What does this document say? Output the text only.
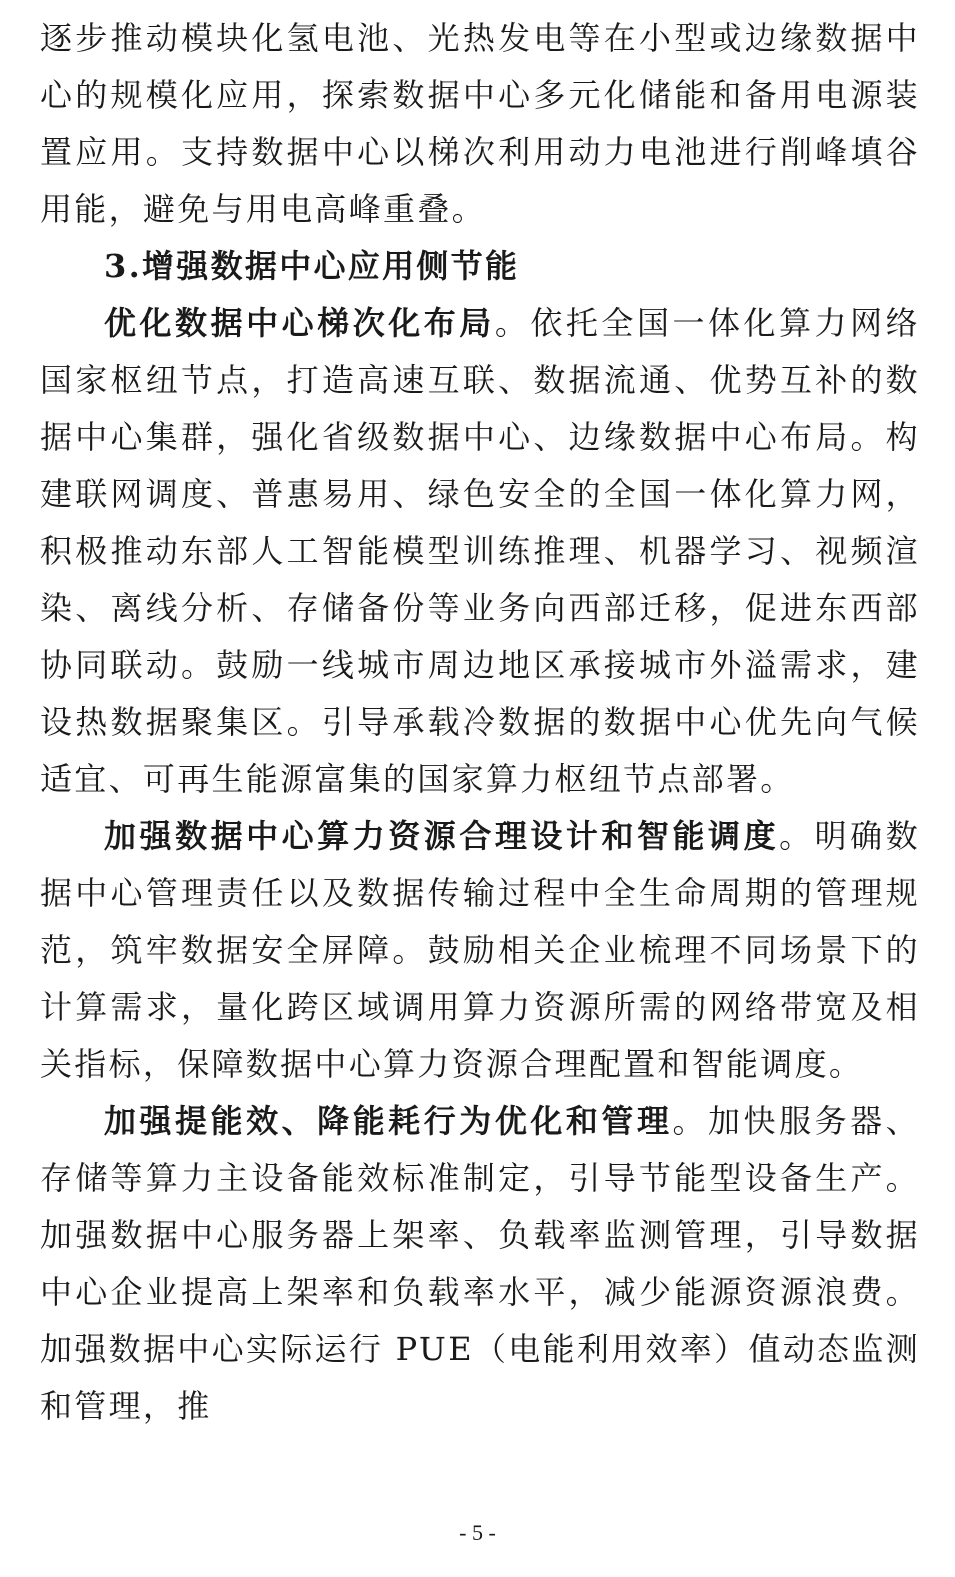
逐步推动模块化氢电池、光热发电等在小型或边缘数据中心的规模化应用，探索数据中心多元化储能和备用电源装置应用。支持数据中心以梯次利用动力电池进行削峰填谷用能，避免与用电高峰重叠。

3.增强数据中心应用侧节能

优化数据中心梯次化布局。依托全国一体化算力网络国家枢纽节点，打造高速互联、数据流通、优势互补的数据中心集群，强化省级数据中心、边缘数据中心布局。构建联网调度、普惠易用、绿色安全的全国一体化算力网，积极推动东部人工智能模型训练推理、机器学习、视频渲染、离线分析、存储备份等业务向西部迁移，促进东西部协同联动。鼓励一线城市周边地区承接城市外溢需求，建设热数据聚集区。引导承载冷数据的数据中心优先向气候适宜、可再生能源富集的国家算力枢纽节点部署。

加强数据中心算力资源合理设计和智能调度。明确数据中心管理责任以及数据传输过程中全生命周期的管理规范，筑牢数据安全屏障。鼓励相关企业梳理不同场景下的计算需求，量化跨区域调用算力资源所需的网络带宽及相关指标，保障数据中心算力资源合理配置和智能调度。

加强提能效、降能耗行为优化和管理。加快服务器、存储等算力主设备能效标准制定，引导节能型设备生产。加强数据中心服务器上架率、负载率监测管理，引导数据中心企业提高上架率和负载率水平，减少能源资源浪费。加强数据中心实际运行 PUE（电能利用效率）值动态监测和管理，推

- 5 -
